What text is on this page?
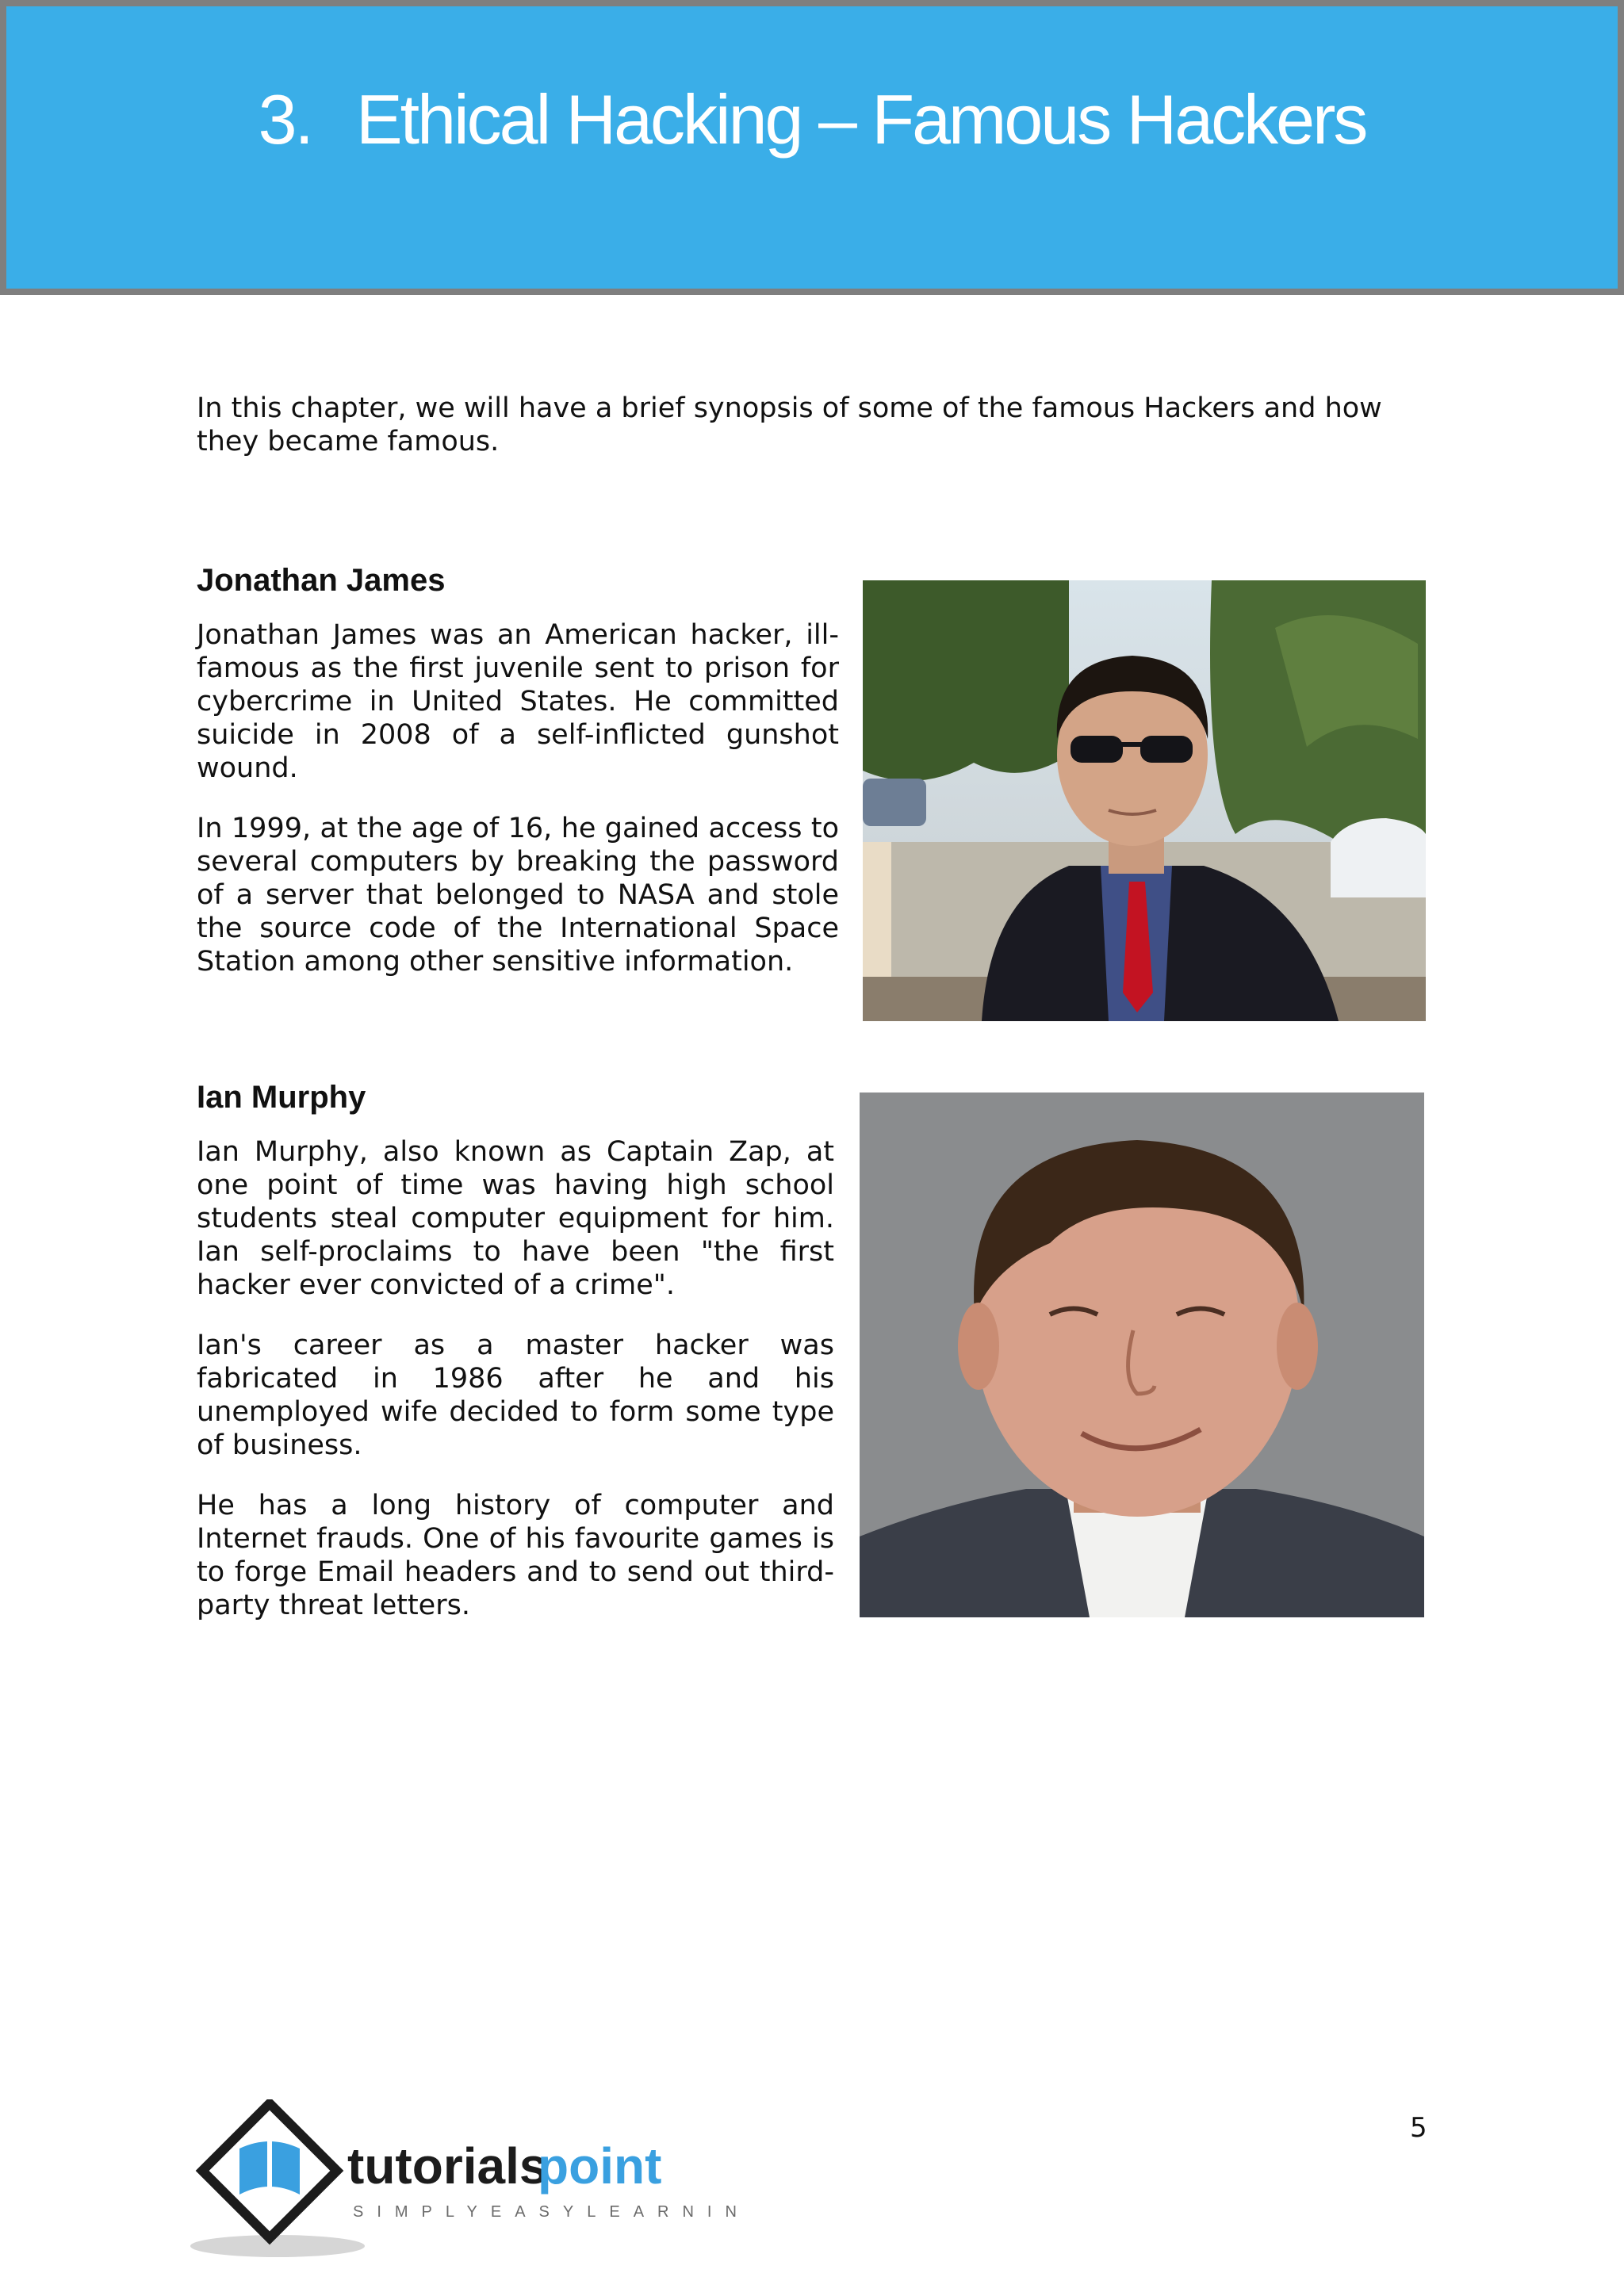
3. Ethical Hacking – Famous Hackers

In this chapter, we will have a brief synopsis of some of the famous Hackers and how they became famous.

Jonathan James

Jonathan James was an American hacker, ill-famous as the first juvenile sent to prison for cybercrime in United States. He committed suicide in 2008 of a self-inflicted gunshot wound.

In 1999, at the age of 16, he gained access to several computers by breaking the password of a server that belonged to NASA and stole the source code of the International Space Station among other sensitive information.

Ian Murphy

Ian Murphy, also known as Captain Zap, at one point of time was having high school students steal computer equipment for him. Ian self-proclaims to have been "the first hacker ever convicted of a crime".

Ian's career as a master hacker was fabricated in 1986 after he and his unemployed wife decided to form some type of business.

He has a long history of computer and Internet frauds. One of his favourite games is to forge Email headers and to send out third-party threat letters.

5
tutorials
point
SIMPLYEASYLEARNING
